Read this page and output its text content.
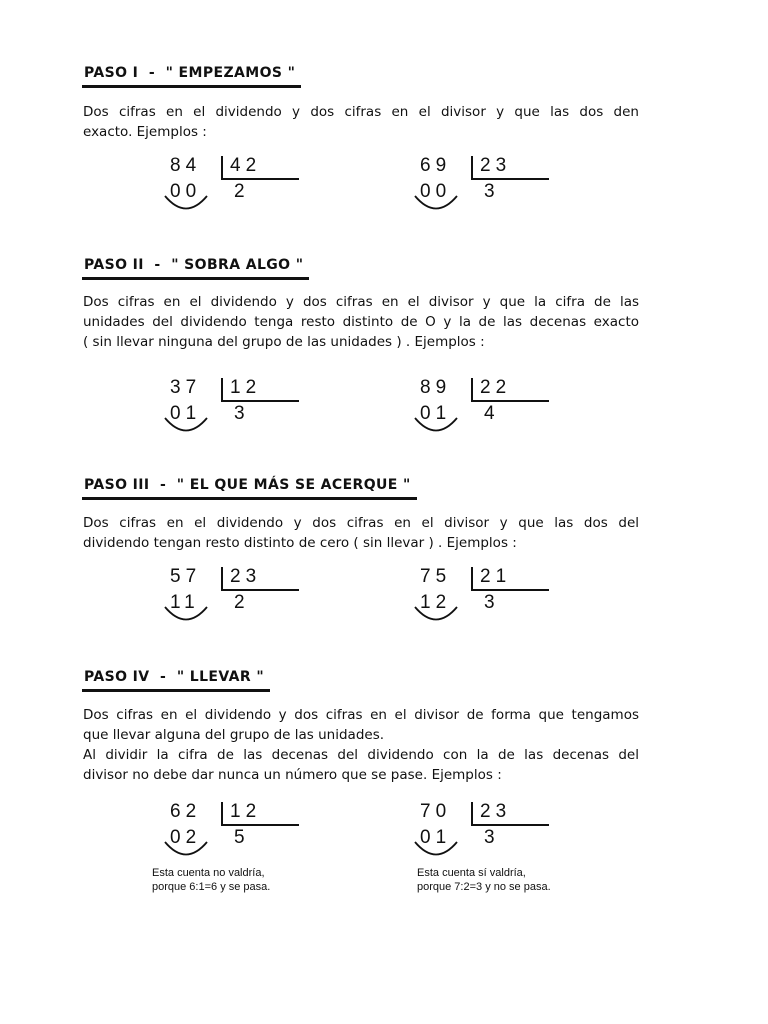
PASO I  -  " EMPEZAMOS "
Dos cifras en el dividendo y dos cifras en el divisor y que las dos den
exacto. Ejemplos :
84 42
00 2
69 23
00 3
PASO II  -  " SOBRA ALGO "
Dos cifras en el dividendo y dos cifras en el divisor y que la cifra de las
unidades del dividendo tenga resto distinto de O y la de las decenas exacto
( sin llevar ninguna del grupo de las unidades ) . Ejemplos :
37 12
01 3
89 22
01 4
PASO III  -  " EL QUE MÁS SE ACERQUE "
Dos cifras en el dividendo y dos cifras en el divisor y que las dos del
dividendo tengan resto distinto de cero ( sin llevar ) . Ejemplos :
57 23
11 2
75 21
12 3
PASO IV  -  " LLEVAR "
Dos cifras en el dividendo y dos cifras en el divisor de forma que tengamos
que llevar alguna del grupo de las unidades.
Al dividir la cifra de las decenas del dividendo con la de las decenas del
divisor no debe dar nunca un número que se pase. Ejemplos :
62 12
02 5
70 23
01 3
Esta cuenta no valdría,
porque 6:1=6 y se pasa.
Esta cuenta sí valdría,
porque 7:2=3 y no se pasa.
